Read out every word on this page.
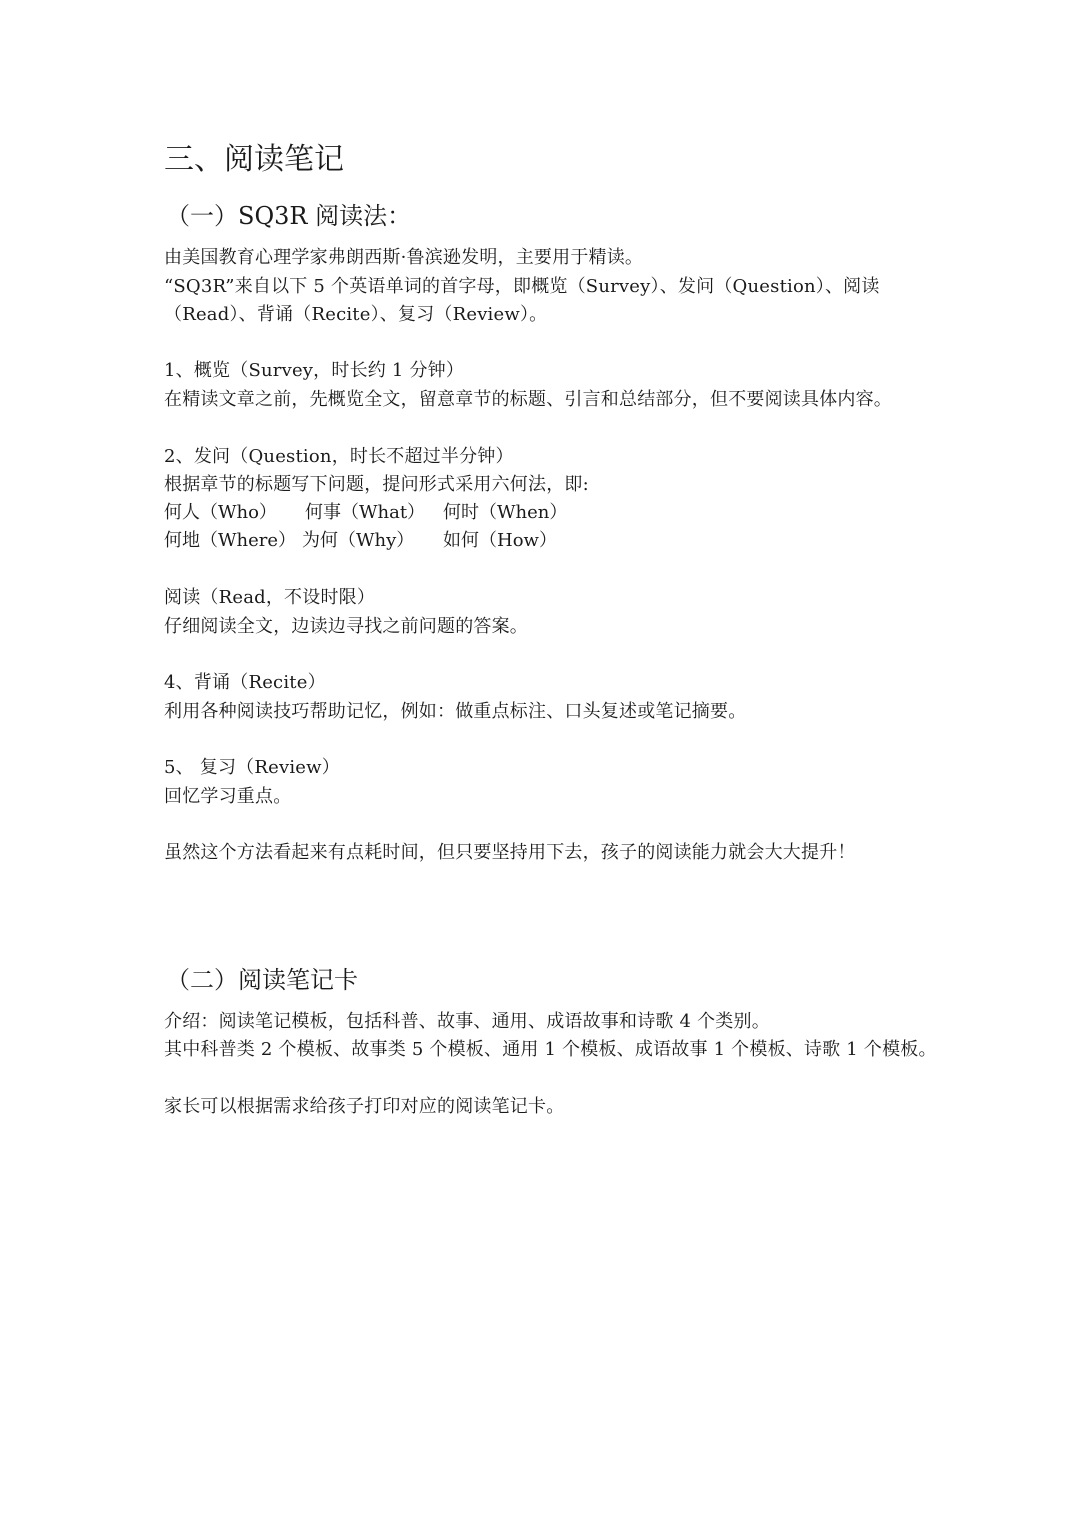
三、阅读笔记
（一）SQ3R 阅读法：
由美国教育心理学家弗朗西斯·鲁滨逊发明，主要用于精读。
“SQ3R”来自以下 5 个英语单词的首字母，即概览（Survey）、发问（Question）、阅读
（Read）、背诵（Recite）、复习（Review）。
1、概览（Survey，时长约 1 分钟）
在精读文章之前，先概览全文，留意章节的标题、引言和总结部分，但不要阅读具体内容。
2、发问（Question，时长不超过半分钟）
根据章节的标题写下问题，提问形式采用六何法，即:
何人（Who） 何事（What） 何时（When）
何地（Where） 为何（Why） 如何（How）
阅读（Read，不设时限）
仔细阅读全文，边读边寻找之前问题的答案。
4、背诵（Recite）
利用各种阅读技巧帮助记忆，例如：做重点标注、口头复述或笔记摘要。
5、 复习（Review）
回忆学习重点。
虽然这个方法看起来有点耗时间，但只要坚持用下去，孩子的阅读能力就会大大提升！
（二）阅读笔记卡
介绍：阅读笔记模板，包括科普、故事、通用、成语故事和诗歌 4 个类别。
其中科普类 2 个模板、故事类 5 个模板、通用 1 个模板、成语故事 1 个模板、诗歌 1 个模板。
家长可以根据需求给孩子打印对应的阅读笔记卡。
